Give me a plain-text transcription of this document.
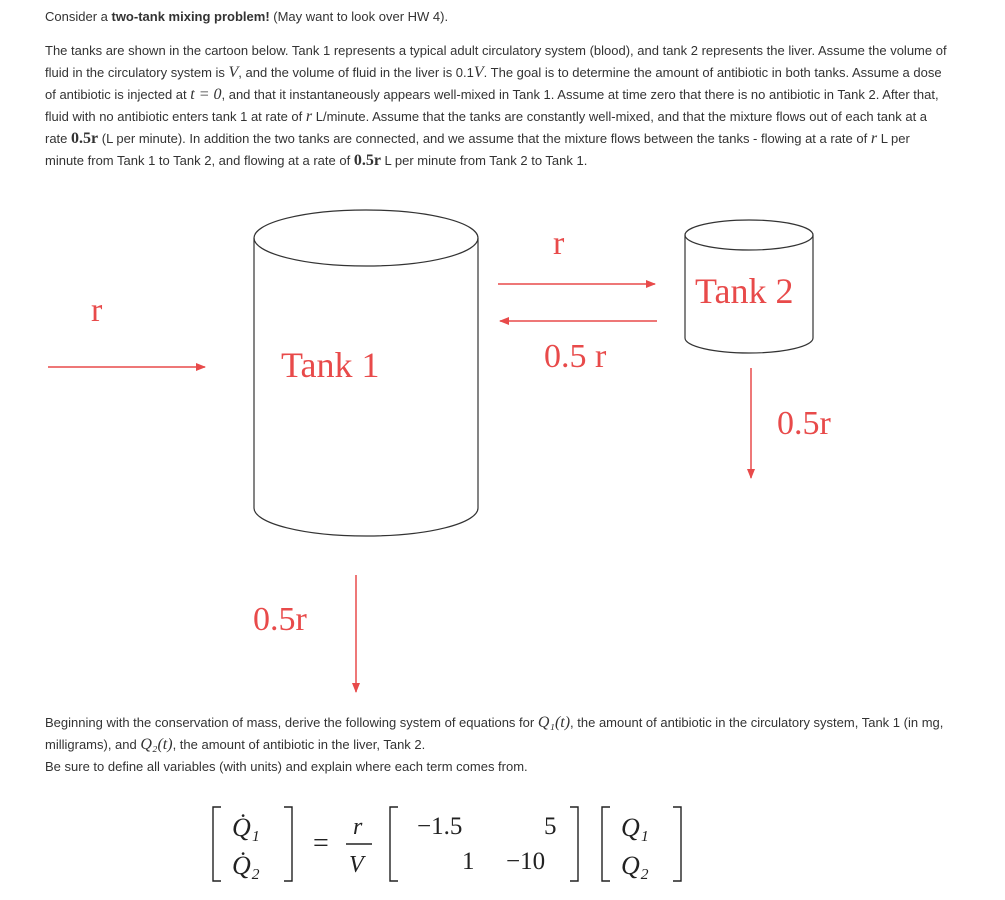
Consider a two-tank mixing problem! (May want to look over HW 4).

The tanks are shown in the cartoon below. Tank 1 represents a typical adult circulatory system (blood), and tank 2 represents the liver. Assume the volume of fluid in the circulatory system is V, and the volume of fluid in the liver is 0.1V. The goal is to determine the amount of antibiotic in both tanks. Assume a dose of antibiotic is injected at t = 0, and that it instantaneously appears well-mixed in Tank 1. Assume at time zero that there is no antibiotic in Tank 2. After that, fluid with no antibiotic enters tank 1 at rate of r L/minute. Assume that the tanks are constantly well-mixed, and that the mixture flows out of each tank at a rate 0.5r (L per minute). In addition the two tanks are connected, and we assume that the mixture flows between the tanks - flowing at a rate of r L per minute from Tank 1 to Tank 2, and flowing at a rate of 0.5r L per minute from Tank 2 to Tank 1.

Tank 1
Tank 2
r
r
0.5 r
0.5r
0.5r
Q̇₁
Q̇₂
=
r
V
−1.5	5
1 −10
Q₁
Q₂

Beginning with the conservation of mass, derive the following system of equations for Q₁(t), the amount of antibiotic in the circulatory system, Tank 1 (in mg, milligrams), and Q₂(t), the amount of antibiotic in the liver, Tank 2.
Be sure to define all variables (with units) and explain where each term comes from.
